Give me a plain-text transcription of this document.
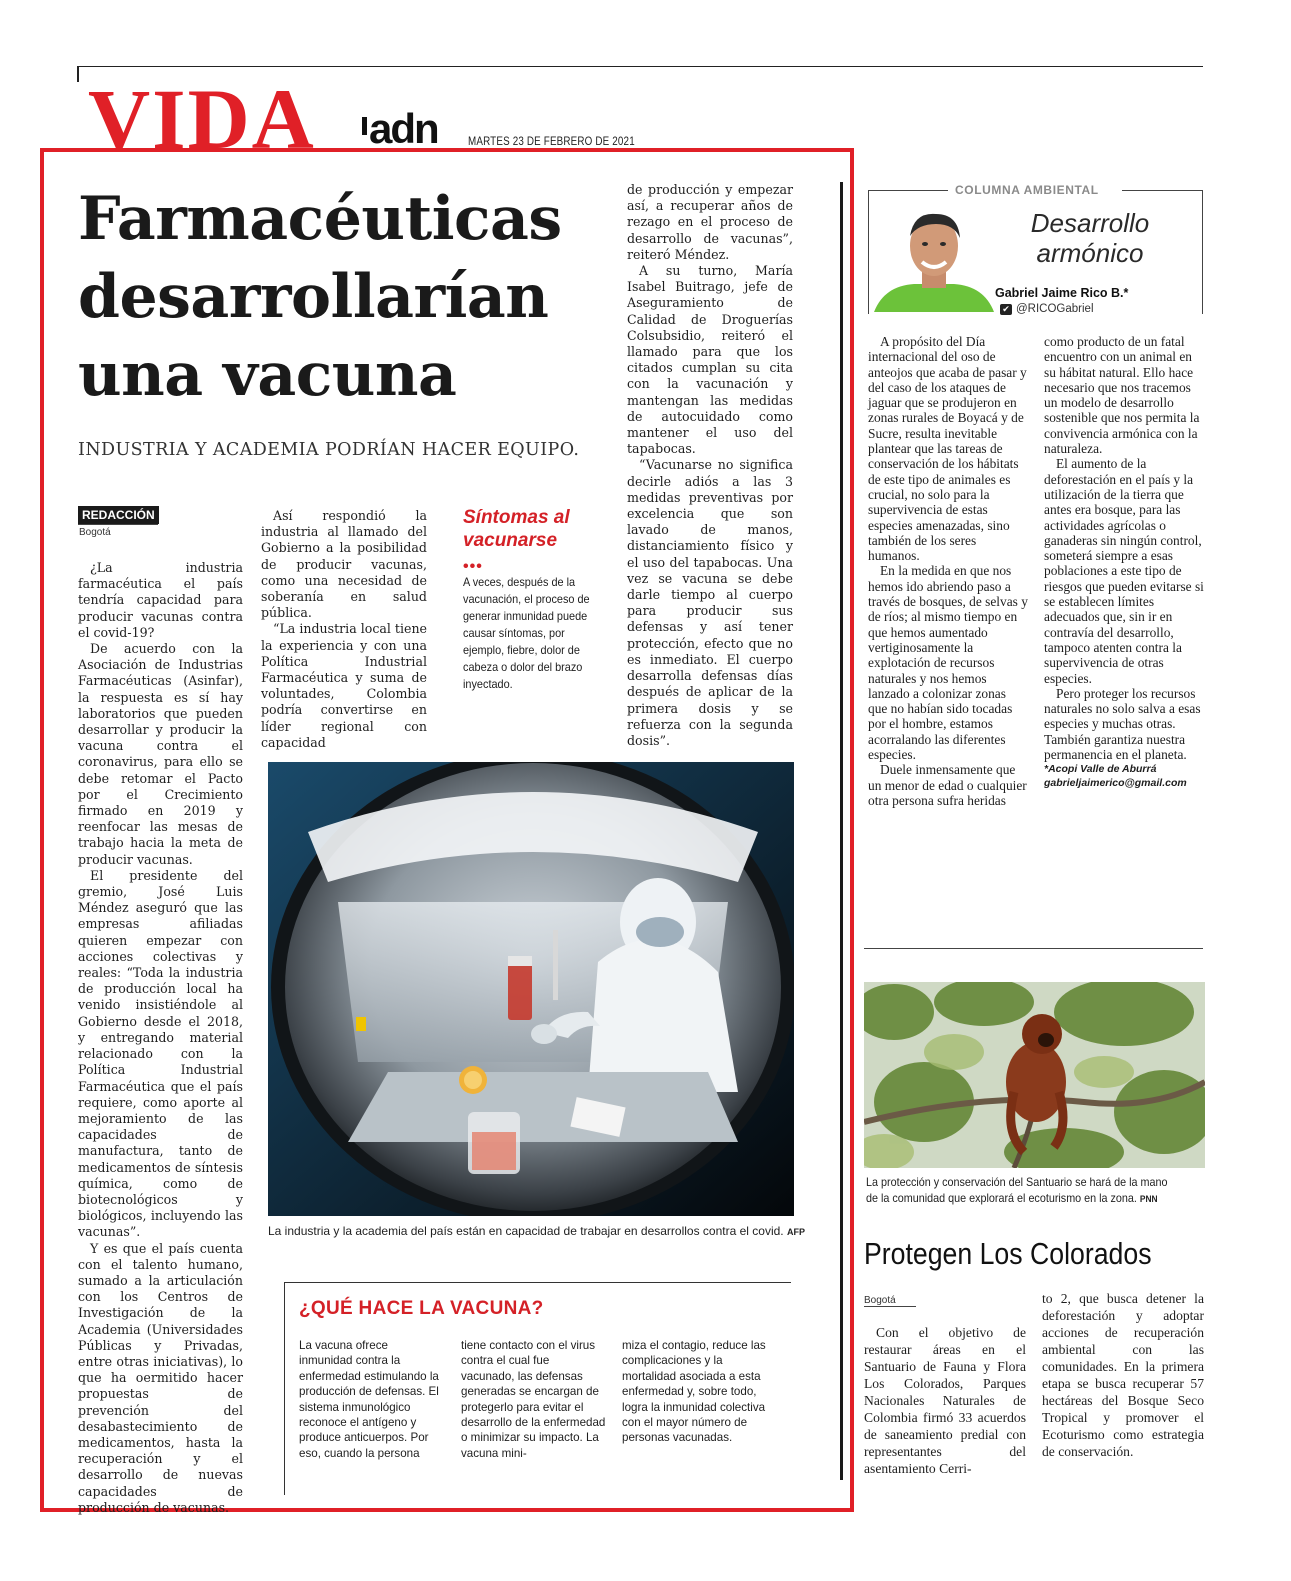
VIDA adn	MARTES 23 DE FEBRERO DE 2021
Farmacéuticas desarrollarían una vacuna
INDUSTRIA Y ACADEMIA PODRÍAN HACER EQUIPO.
REDACCIÓN
Bogotá

¿La industria farmacéutica el país tendría capacidad para producir vacunas contra el covid-19?

De acuerdo con la Asociación de Industrias Farmacéuticas (Asinfar), la respuesta es sí hay laboratorios que pueden desarrollar y producir la vacuna contra el coronavirus, para ello se debe retomar el Pacto por el Crecimiento firmado en 2019 y reenfocar las mesas de trabajo hacia la meta de producir vacunas.

El presidente del gremio, José Luis Méndez aseguró que las empresas afiliadas quieren empezar con acciones colectivas y reales: “Toda la industria de producción local ha venido insistiéndole al Gobierno desde el 2018, y entregando material relacionado con la Política Industrial Farmacéutica que el país requiere, como aporte al mejoramiento de las capacidades de manufactura, tanto de medicamentos de síntesis química, como de biotecnológicos y biológicos, incluyendo las vacunas”.

Y es que el país cuenta con el talento humano, sumado a la articulación con los Centros de Investigación de la Academia (Universidades Públicas y Privadas, entre otras iniciativas), lo que ha oermitido hacer propuestas de prevención del desabastecimiento de medicamentos, hasta la recuperación y el desarrollo de nuevas capacidades de producción de vacunas.

Así respondió la industria al llamado del Gobierno a la posibilidad de producir vacunas, como una necesidad de soberanía en salud pública.

“La industria local tiene la experiencia y con una Política Industrial Farmacéutica y suma de voluntades, Colombia podría convertirse en líder regional con capacidad

Síntomas al vacunarse
•••
A veces, después de la vacunación, el proceso de generar inmunidad puede causar síntomas, por ejemplo, fiebre, dolor de cabeza o dolor del brazo inyectado.

de producción y empezar así, a recuperar años de rezago en el proceso de desarrollo de vacunas”, reiteró Méndez.

A su turno, María Isabel Buitrago, jefe de Aseguramiento de Calidad de Droguerías Colsubsidio, reiteró el llamado para que los citados cumplan su cita con la vacunación y mantengan las medidas de autocuidado como mantener el uso del tapabocas.

“Vacunarse no significa decirle adiós a las 3 medidas preventivas por excelencia que son lavado de manos, distanciamiento físico y el uso del tapabocas. Una vez se vacuna se debe darle tiempo al cuerpo para producir sus defensas y así tener protección, efecto que no es inmediato. El cuerpo desarrolla defensas días después de aplicar de la primera dosis y se refuerza con la segunda dosis”.

La industria y la academia del país están en capacidad de trabajar en desarrollos contra el covid. AFP
¿QUÉ HACE LA VACUNA?
La vacuna ofrece inmunidad contra la enfermedad estimulando la producción de defensas. El sistema inmunológico reconoce el antígeno y produce anticuerpos. Por eso, cuando la persona
tiene contacto con el virus contra el cual fue vacunado, las defensas generadas se encargan de protegerlo para evitar el desarrollo de la enfermedad o minimizar su impacto. La vacuna mini-
miza el contagio, reduce las complicaciones y la mortalidad asociada a esta enfermedad y, sobre todo, logra la inmunidad colectiva con el mayor número de personas vacunadas.
COLUMNA AMBIENTAL
Desarrollo armónico
Gabriel Jaime Rico B.*
✔ @RICOGabriel

A propósito del Día internacional del oso de anteojos que acaba de pasar y del caso de los ataques de jaguar que se produjeron en zonas rurales de Boyacá y de Sucre, resulta inevitable plantear que las tareas de conservación de los hábitats de este tipo de animales es crucial, no solo para la supervivencia de estas especies amenazadas, sino también de los seres humanos.

En la medida en que nos hemos ido abriendo paso a través de bosques, de selvas y de ríos; al mismo tiempo en que hemos aumentado vertiginosamente la explotación de recursos naturales y nos hemos lanzado a colonizar zonas que no habían sido tocadas por el hombre, estamos acorralando las diferentes especies.

Duele inmensamente que un menor de edad o cualquier otra persona sufra heridas

como producto de un fatal encuentro con un animal en su hábitat natural. Ello hace necesario que nos tracemos un modelo de desarrollo sostenible que nos permita la convivencia armónica con la naturaleza.

El aumento de la deforestación en el país y la utilización de la tierra que antes era bosque, para las actividades agrícolas o ganaderas sin ningún control, someterá siempre a esas poblaciones a este tipo de riesgos que pueden evitarse si se establecen límites adecuados que, sin ir en contravía del desarrollo, tampoco atenten contra la supervivencia de otras especies.

Pero proteger los recursos naturales no solo salva a esas especies y muchas otras. También garantiza nuestra permanencia en el planeta.

*Acopi Valle de Aburrá
gabrieljaimerico@gmail.com
La protección y conservación del Santuario se hará de la mano de la comunidad que explorará el ecoturismo en la zona. PNN
Protegen Los Colorados
Bogotá

Con el objetivo de restaurar áreas en el Santuario de Fauna y Flora Los Colorados, Parques Nacionales Naturales de Colombia firmó 33 acuerdos de saneamiento predial con representantes del asentamiento Cerri-

to 2, que busca detener la deforestación y adoptar acciones de recuperación ambiental con las comunidades. En la primera etapa se busca recuperar 57 hectáreas del Bosque Seco Tropical y promover el Ecoturismo como estrategia de conservación.
